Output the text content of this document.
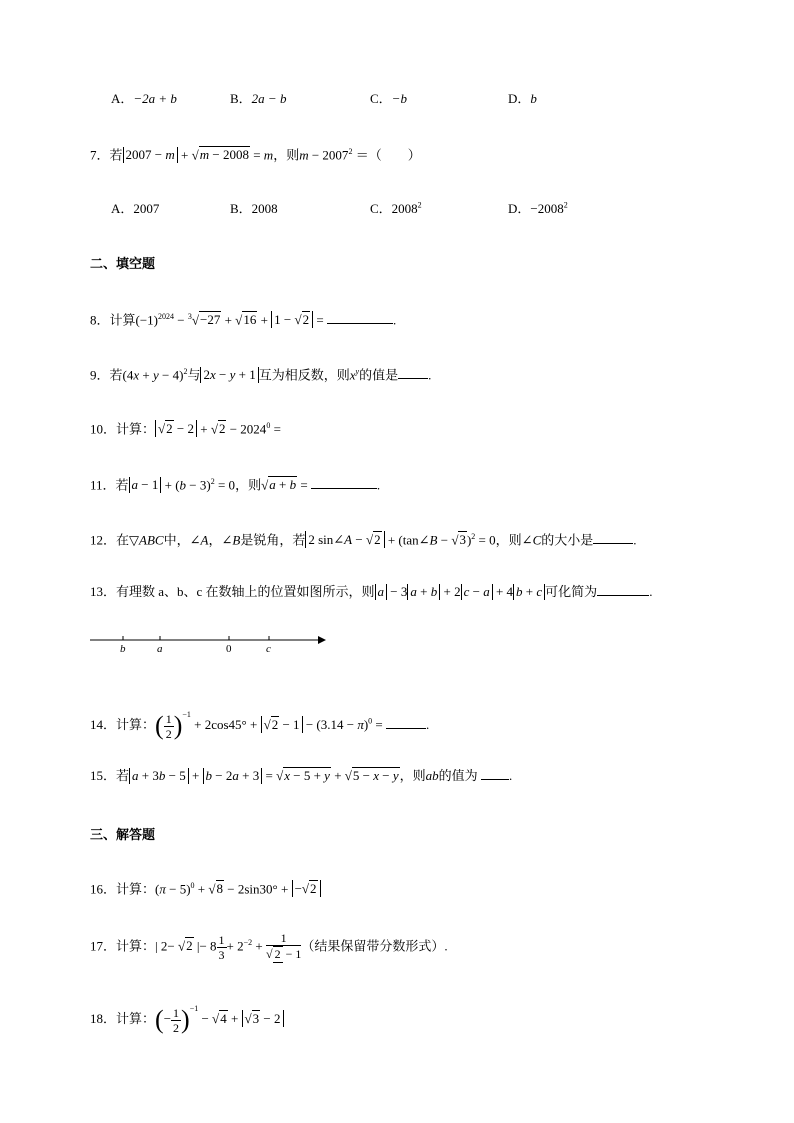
A．−2a + b	B．2a − b	C．−b	D．b
7．若 2007 − m + √m − 2008 = m，则$m - 2007^2$ ＝（　　）
A．2007	B．2008	C．2008$^2$	D．$-2008^2$
二、填空题
8．计算$(-1)^{2024} - ^3√-27 + √16 + 1 - √2$ =	.
9．若$(4x + y - 4)^2$与 2x − y + 1 互为相反数，则$x^y$的值是 .
10．计算： $√2 - 2 + √2 - 2024^0$ =
11．若 $a - 1 + (b - 3)^2 = 0$，则√a + b =	.
12．在▽ABC中，∠A，∠B是锐角，若 2 sin∠A − √2 + (tan∠B − √3)$^2$ = 0，则∠C的大小是	.
13．有理数 a、b、c 在数轴上的位置如图所示，则 a − 3 a + b + 2 c − a + 4 b + c 可化简为	.
b	a	0	c
14．计算：( $\frac{1}{2} )^{-1} + 2\cos 45^\circ + √2 - 1 - (3.14 - \pi)^0$ =	.
15．若 a + 3b − 5 + b − 2a + 3 = √x − 5 + y + √5 − x − y，则ab的值为 .
三、解答题
16．计算：$(\pi - 5)^0 + √8 - 2\sin 30^\circ + -√2$
17．计算：| 2− √2 |− $8 \frac{1}{3} + 2^{-2} + \frac{1}{√ 2 - 1}$ （结果保留带分数形式）.
18．计算：(− $\frac{1}{2} )^{-1} - √4 + √3 - 2$
